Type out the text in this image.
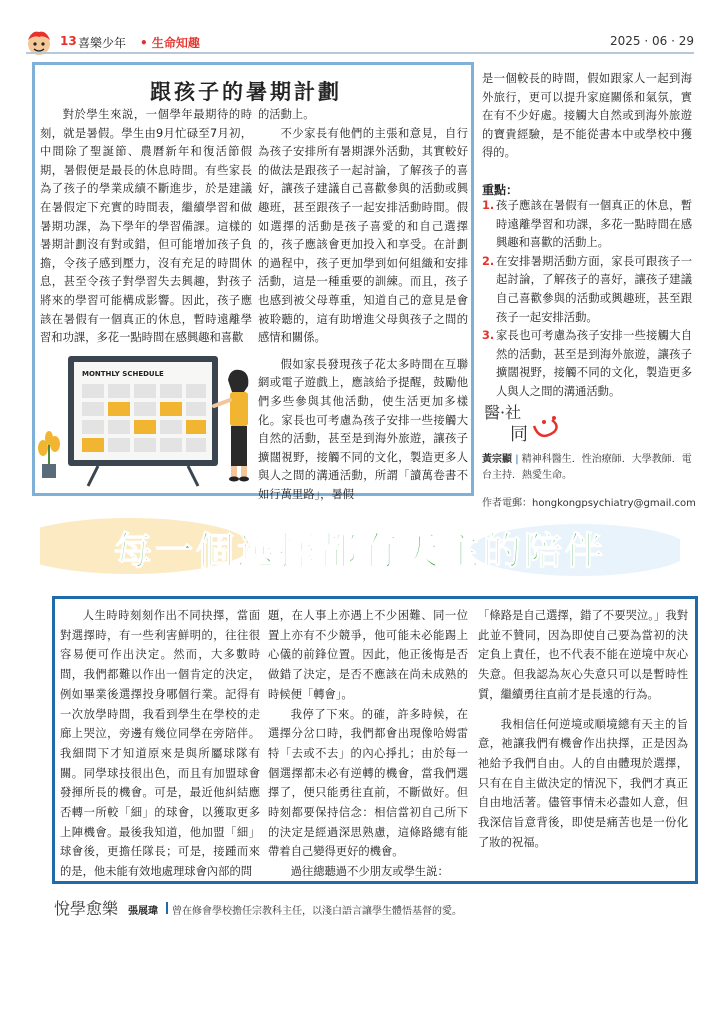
13 喜樂少年 • 生命知趣	2025 · 06 · 29
跟孩子的暑期計劃

對於學生來説，一個學年最期待的時刻，就是暑假。學生由9月忙碌至7月初，中間除了聖誕節、農曆新年和復活節假期，暑假便是最長的休息時間。有些家長為了孩子的學業成績不斷進步，於是建議在暑假定下充實的時間表，繼續學習和做暑期功課，為下學年的學習備課。這樣的暑期計劃沒有對或錯，但可能增加孩子負擔，令孩子感到壓力，沒有充足的時間休息，甚至令孩子對學習失去興趣，對孩子將來的學習可能構成影響。因此，孩子應該在暑假有一個真正的休息，暫時遠離學習和功課，多花一點時間在感興趣和喜歡

的活動上。

不少家長有他們的主張和意見，自行為孩子安排所有暑期課外活動，其實較好的做法是跟孩子一起討論，了解孩子的喜好，讓孩子建議自己喜歡參與的活動或興趣班，甚至跟孩子一起安排活動時間。假如選擇的活動是孩子喜愛的和自己選擇的，孩子應該會更加投入和享受。在計劃的過程中，孩子更加學到如何組織和安排活動，這是一種重要的訓練。而且，孩子也感到被父母尊重，知道自己的意見是會被聆聽的，這有助增進父母與孩子之間的感情和關係。

假如家長發現孩子花太多時間在互聯網或電子遊戲上，應該給予提醒，鼓勵他們多些參與其他活動，使生活更加多樣化。家長也可考慮為孩子安排一些接觸大自然的活動，甚至是到海外旅遊，讓孩子擴闊視野，接觸不同的文化，製造更多人與人之間的溝通活動，所謂「讀萬卷書不如行萬里路」，暑假

是一個較長的時間，假如跟家人一起到海外旅行，更可以提升家庭關係和氣氛，實在有不少好處。接觸大自然或到海外旅遊的寶貴經驗，是不能從書本中或學校中獲得的。

MONTHLY SCHEDULE
重點：
1. 孩子應該在暑假有一個真正的休息，暫時遠離學習和功課，多花一點時間在感興趣和喜歡的活動上。
2. 在安排暑期活動方面，家長可跟孩子一起討論，了解孩子的喜好，讓孩子建議自己喜歡參與的活動或興趣班，甚至跟孩子一起安排活動。
3. 家長也可考慮為孩子安排一些接觸大自然的活動，甚至是到海外旅遊，讓孩子擴闊視野，接觸不同的文化，製造更多人與人之間的溝通活動。
醫·社
同
黃宗顯 | 精神科醫生．性治療師．大學教師．電台主持．熱愛生命。
作者電郵：hongkongpsychiatry@gmail.com
每一個選擇都有天主的陪伴

人生時時刻刻作出不同抉擇，當面對選擇時，有一些利害鮮明的，往往很容易便可作出決定。然而，大多數時間，我們都難以作出一個肯定的決定，例如畢業後選擇投身哪個行業。記得有一次放學時間，我看到學生在學校的走廊上哭泣，旁邊有幾位同學在旁陪伴。我細問下才知道原來是與所屬球隊有關。同學球技很出色，而且有加盟球會發揮所長的機會。可是，最近他糾結應否轉一所較「細」的球會，以獲取更多上陣機會。最後我知道，他加盟「細」球會後，更擔任隊長；可是，接踵而來的是，他未能有效地處理球會內部的問

題，在人事上亦遇上不少困難、同一位置上亦有不少競爭，他可能未必能踢上心儀的前鋒位置。因此，他正後悔是否做錯了決定，是否不應該在尚未成熟的時候便「轉會」。

我停了下來。的確，許多時候，在選擇分岔口時，我們都會出現像哈姆雷特「去或不去」的內心掙扎；由於每一個選擇都未必有逆轉的機會，當我們選擇了，便只能勇往直前，不斷做好。但時刻都要保持信念：相信當初自己所下的決定是經過深思熟慮，這條路總有能帶着自己變得更好的機會。

過往總聽過不少朋友或學生説：

「條路是自己選擇，錯了不要哭泣。」我對此並不贊同，因為即使自己要為當初的決定負上責任，也不代表不能在逆境中灰心失意。但我認為灰心失意只可以是暫時性質，繼續勇往直前才是長遠的行為。

我相信任何逆境或順境總有天主的旨意，祂讓我們有機會作出抉擇，正是因為祂給予我們自由。人的自由體現於選擇，只有在自主做決定的情況下，我們才真正自由地活著。儘管事情未必盡如人意，但我深信旨意背後，即使是痛苦也是一份化了妝的祝福。

悅學愈樂 張展瑋 曾在修會學校擔任宗教科主任，以淺白語言讓學生體悟基督的愛。
